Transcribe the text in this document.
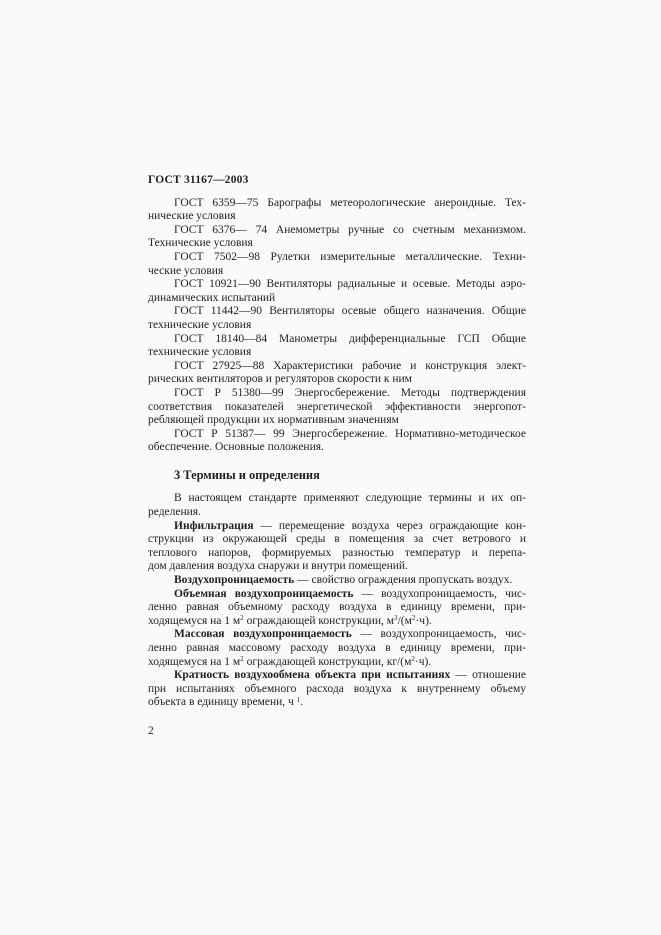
ГОСТ 31167—2003
ГОСТ 6359—75 Барографы метеорологические анероидные. Тех-
нические условия
ГОСТ 6376— 74 Анемометры ручные со счетным механизмом.
Технические условия
ГОСТ 7502—98 Рулетки измерительные металлические. Техни-
ческие условия
ГОСТ 10921—90 Вентиляторы радиальные и осевые. Методы аэро-
динамических испытаний
ГОСТ 11442—90 Вентиляторы осевые общего назначения. Общие
технические условия
ГОСТ 18140—84 Манометры дифференциальные ГСП Общие
технические условия
ГОСТ 27925—88 Характеристики рабочие и конструкция элект-
рических вентиляторов и регуляторов скорости к ним
ГОСТ Р 51380—99 Энергосбережение. Методы подтверждения
соответствия показателей энергетической эффективности энергопот-
ребляющей продукции их нормативным значениям
ГОСТ Р 51387— 99 Энергосбережение. Нормативно-методическое
обеспечение. Основные положения.
3 Термины и определения
В настоящем стандарте применяют следующие термины и их оп-
ределения.
Инфильтрация — перемещение воздуха через ограждающие кон-
струкции из окружающей среды в помещения за счет ветрового и
теплового напоров, формируемых разностью температур и перепа-
дом давления воздуха снаружи и внутри помещений.
Воздухопроницаемость — свойство ограждения пропускать воздух.
Объемная воздухопроницаемость — воздухопроницаемость, чис-
ленно равная объемному расходу воздуха в единицу времени, при-
ходящемуся на 1 $м^2$ ограждающей конструкции, $м^3/(м^2\cdot ч)$.
Массовая воздухопроницаемость — воздухопроницаемость, чис-
ленно равная массовому расходу воздуха в единицу времени, при-
ходящемуся на 1 $м^2$ ограждающей конструкции, $кг/(м^2\cdot ч)$.
Кратность воздухообмена объекта при испытаниях — отношение
при испытаниях объемного расхода воздуха к внутреннему объему
объекта в единицу времени, ч $^1$.
2
